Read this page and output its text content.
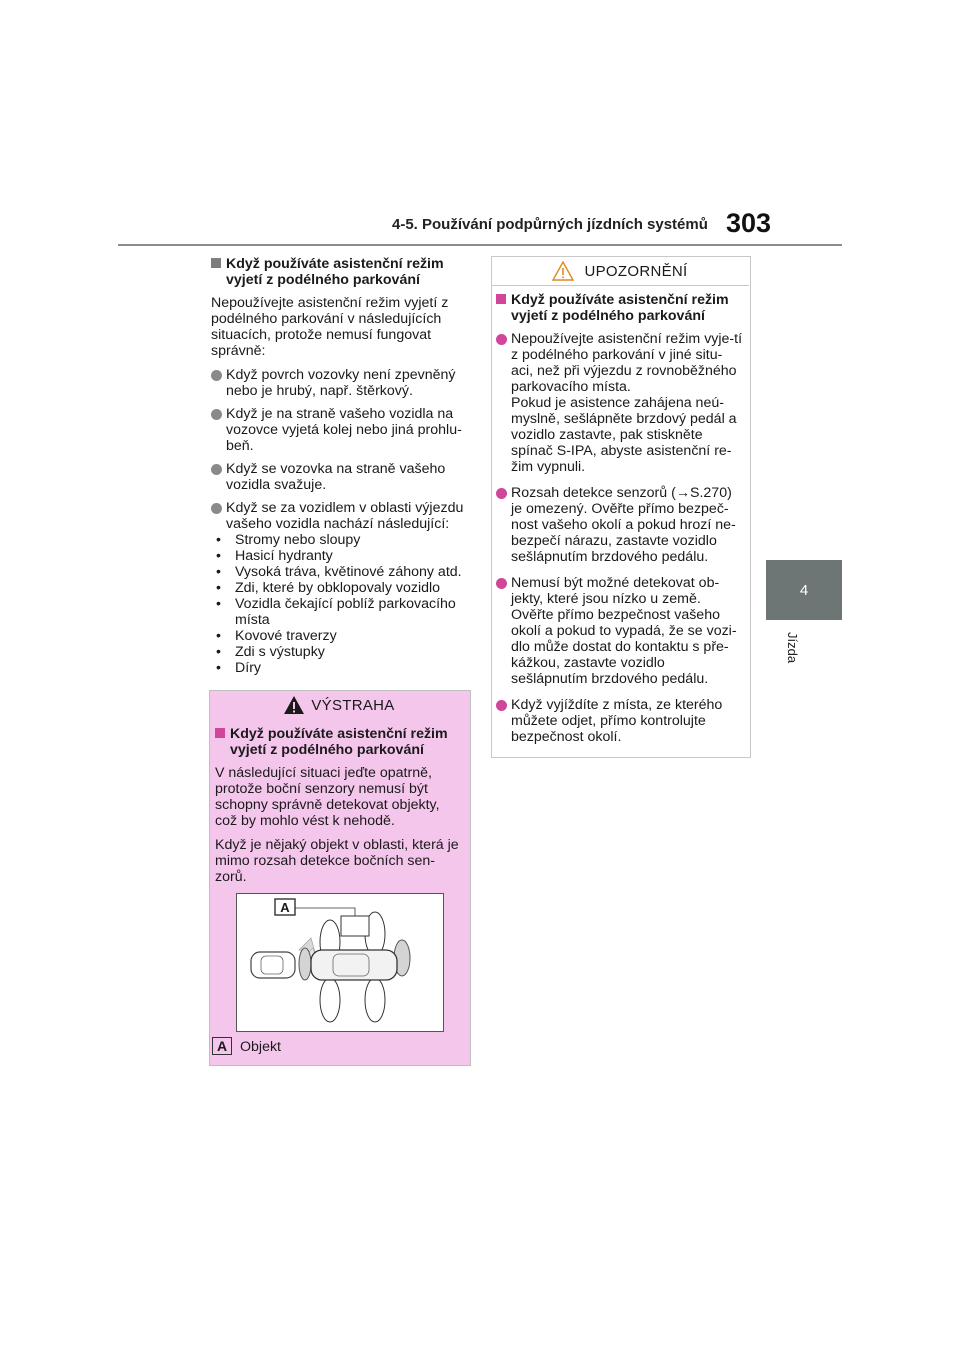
4-5. Používání podpůrných jízdních systémů 303
4
Jízda
Když používáte asistenční režim vyjetí z podélného parkování
Nepoužívejte asistenční režim vyjetí z podélného parkování v následujících situacích, protože nemusí fungovat správně:
Když povrch vozovky není zpevněný nebo je hrubý, např. štěrkový.
Když je na straně vašeho vozidla na vozovce vyjetá kolej nebo jiná prohlu-beň.
Když se vozovka na straně vašeho vozidla svažuje.
Když se za vozidlem v oblasti výjezdu vašeho vozidla nachází následující:
• Stromy nebo sloupy
• Hasicí hydranty
• Vysoká tráva, květinové záhony atd.
• Zdi, které by obklopovaly vozidlo
• Vozidla čekající poblíž parkovacího místa
• Kovové traverzy
• Zdi s výstupky
• Díry
VÝSTRAHA
Když používáte asistenční režim vyjetí z podélného parkování
V následující situaci jeďte opatrně, protože boční senzory nemusí být schopny správně detekovat objekty, což by mohlo vést k nehodě.
Když je nějaký objekt v oblasti, která je mimo rozsah detekce bočních sen-zorů.
A
A Objekt
UPOZORNĚNÍ
Když používáte asistenční režim vyjetí z podélného parkování
Nepoužívejte asistenční režim vyje-tí z podélného parkování v jiné situ-aci, než při výjezdu z rovnoběžného parkovacího místa.
Pokud je asistence zahájena neú-myslně, sešlápněte brzdový pedál a vozidlo zastavte, pak stiskněte spínač S-IPA, abyste asistenční re-žim vypnuli.
Rozsah detekce senzorů (→S.270) je omezený. Ověřte přímo bezpeč-nost vašeho okolí a pokud hrozí ne-bezpečí nárazu, zastavte vozidlo sešlápnutím brzdového pedálu.
Nemusí být možné detekovat ob-jekty, které jsou nízko u země. Ověřte přímo bezpečnost vašeho okolí a pokud to vypadá, že se vozi-dlo může dostat do kontaktu s pře-kážkou, zastavte vozidlo sešlápnutím brzdového pedálu.
Když vyjíždíte z místa, ze kterého můžete odjet, přímo kontrolujte bezpečnost okolí.
